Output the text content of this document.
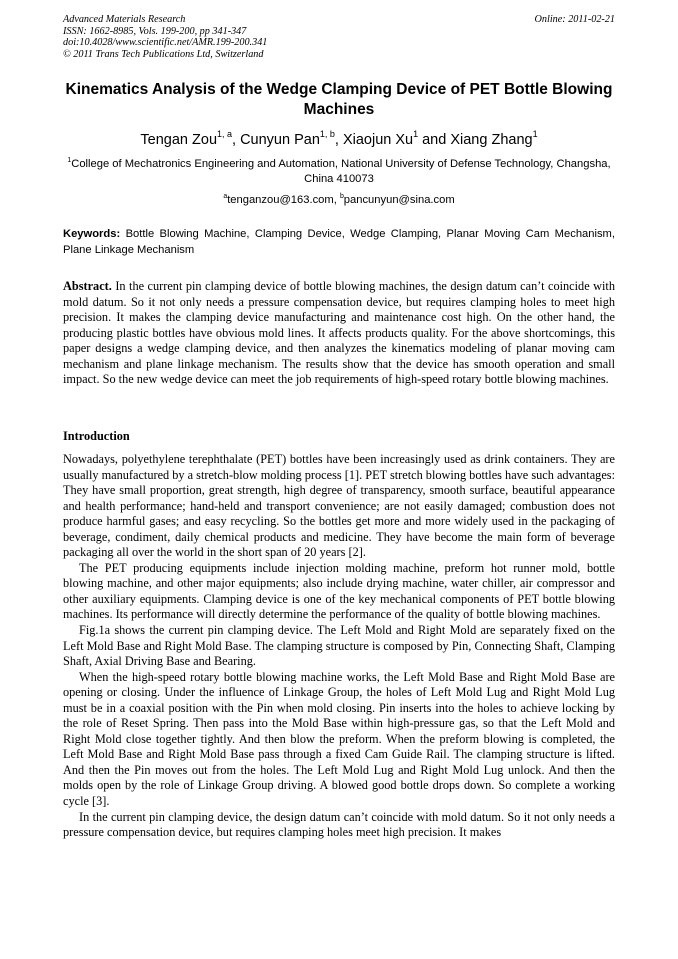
Advanced Materials Research
ISSN: 1662-8985, Vols. 199-200, pp 341-347
doi:10.4028/www.scientific.net/AMR.199-200.341
© 2011 Trans Tech Publications Ltd, Switzerland
Online: 2011-02-21
Kinematics Analysis of the Wedge Clamping Device of PET Bottle Blowing Machines
Tengan Zou$^{1, a}$, Cunyun Pan$^{1, b}$, Xiaojun Xu$^1$ and Xiang Zhang$^1$
$^1$College of Mechatronics Engineering and Automation, National University of Defense Technology, Changsha, China 410073
$^a$tenganzou@163.com, $^b$pancunyun@sina.com
Keywords: Bottle Blowing Machine, Clamping Device, Wedge Clamping, Planar Moving Cam Mechanism, Plane Linkage Mechanism

Abstract. In the current pin clamping device of bottle blowing machines, the design datum can’t coincide with mold datum. So it not only needs a pressure compensation device, but requires clamping holes to meet high precision. It makes the clamping device manufacturing and maintenance cost high. On the other hand, the producing plastic bottles have obvious mold lines. It affects products quality. For the above shortcomings, this paper designs a wedge clamping device, and then analyzes the kinematics modeling of planar moving cam mechanism and plane linkage mechanism. The results show that the device has smooth operation and small impact. So the new wedge device can meet the job requirements of high-speed rotary bottle blowing machines.

Introduction

Nowadays, polyethylene terephthalate (PET) bottles have been increasingly used as drink containers. They are usually manufactured by a stretch-blow molding process [1]. PET stretch blowing bottles have such advantages: They have small proportion, great strength, high degree of transparency, smooth surface, beautiful appearance and health performance; hand-held and transport convenience; are not easily damaged; combustion does not produce harmful gases; and easy recycling. So the bottles get more and more widely used in the packaging of beverage, condiment, daily chemical products and medicine. They have become the main form of beverage packaging all over the world in the short span of 20 years [2].

The PET producing equipments include injection molding machine, preform hot runner mold, bottle blowing machine, and other major equipments; also include drying machine, water chiller, air compressor and other auxiliary equipments. Clamping device is one of the key mechanical components of PET bottle blowing machines. Its performance will directly determine the performance of the quality of bottle blowing machines.

Fig.1a shows the current pin clamping device. The Left Mold and Right Mold are separately fixed on the Left Mold Base and Right Mold Base. The clamping structure is composed by Pin, Connecting Shaft, Clamping Shaft, Axial Driving Base and Bearing.

When the high-speed rotary bottle blowing machine works, the Left Mold Base and Right Mold Base are opening or closing. Under the influence of Linkage Group, the holes of Left Mold Lug and Right Mold Lug must be in a coaxial position with the Pin when mold closing. Pin inserts into the holes to achieve locking by the role of Reset Spring. Then pass into the Mold Base within high-pressure gas, so that the Left Mold and Right Mold close together tightly. And then blow the preform. When the preform blowing is completed, the Left Mold Base and Right Mold Base pass through a fixed Cam Guide Rail. The clamping structure is lifted. And then the Pin moves out from the holes. The Left Mold Lug and Right Mold Lug unlock. And then the molds open by the role of Linkage Group driving. A blowed good bottle drops down. So complete a working cycle [3].

In the current pin clamping device, the design datum can’t coincide with mold datum. So it not only needs a pressure compensation device, but requires clamping holes meet high precision. It makes
